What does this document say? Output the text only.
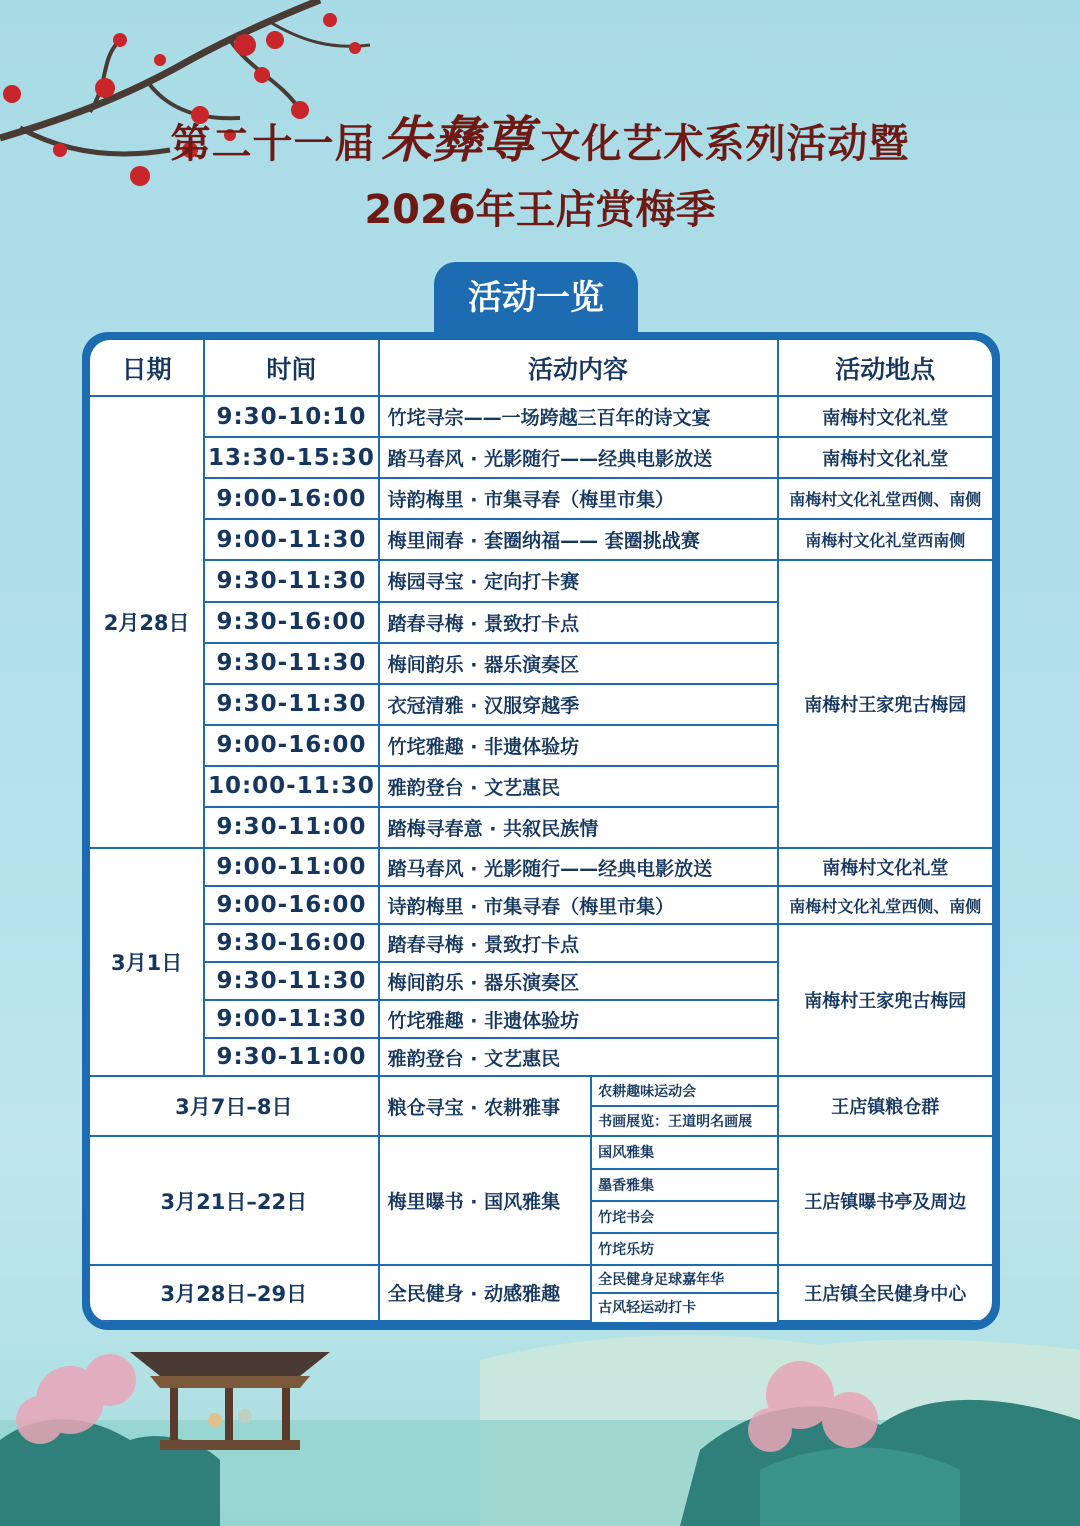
第二十一届 朱彝尊 文化艺术系列活动暨
2026年王店赏梅季
活动一览
日期	时间	活动内容		活动地点
2月28日	9:30-10:10	竹垞寻宗——一场跨越三百年的诗文宴		南梅村文化礼堂
	13:30-15:30	踏马春风 · 光影随行——经典电影放送		南梅村文化礼堂
	9:00-16:00	诗韵梅里 · 市集寻春（梅里市集）		南梅村文化礼堂西侧、南侧
	9:00-11:30	梅里闹春 · 套圈纳福—— 套圈挑战赛		南梅村文化礼堂西南侧
	9:30-11:30	梅园寻宝 · 定向打卡赛		南梅村王家兜古梅园
	9:30-16:00	踏春寻梅 · 景致打卡点		
	9:30-11:30	梅间韵乐 · 器乐演奏区		
	9:30-11:30	衣冠清雅 · 汉服穿越季		
	9:00-16:00	竹垞雅趣 · 非遗体验坊		
	10:00-11:30	雅韵登台 · 文艺惠民		
	9:30-11:00	踏梅寻春意 · 共叙民族情		
3月1日	9:00-11:00	踏马春风 · 光影随行——经典电影放送		南梅村文化礼堂
	9:00-16:00	诗韵梅里 · 市集寻春（梅里市集）		南梅村文化礼堂西侧、南侧
	9:30-16:00	踏春寻梅 · 景致打卡点		南梅村王家兜古梅园
	9:30-11:30	梅间韵乐 · 器乐演奏区		
	9:00-11:30	竹垞雅趣 · 非遗体验坊		
	9:30-11:00	雅韵登台 · 文艺惠民		
3月7日–8日		粮仓寻宝 · 农耕雅事	农耕趣味运动会	王店镇粮仓群
			书画展览：王道明名画展	
3月21日–22日		梅里曝书 · 国风雅集	国风雅集	王店镇曝书亭及周边
			墨香雅集	
			竹垞书会	
			竹垞乐坊	
3月28日–29日		全民健身 · 动感雅趣	全民健身足球嘉年华	王店镇全民健身中心
			古风轻运动打卡	
